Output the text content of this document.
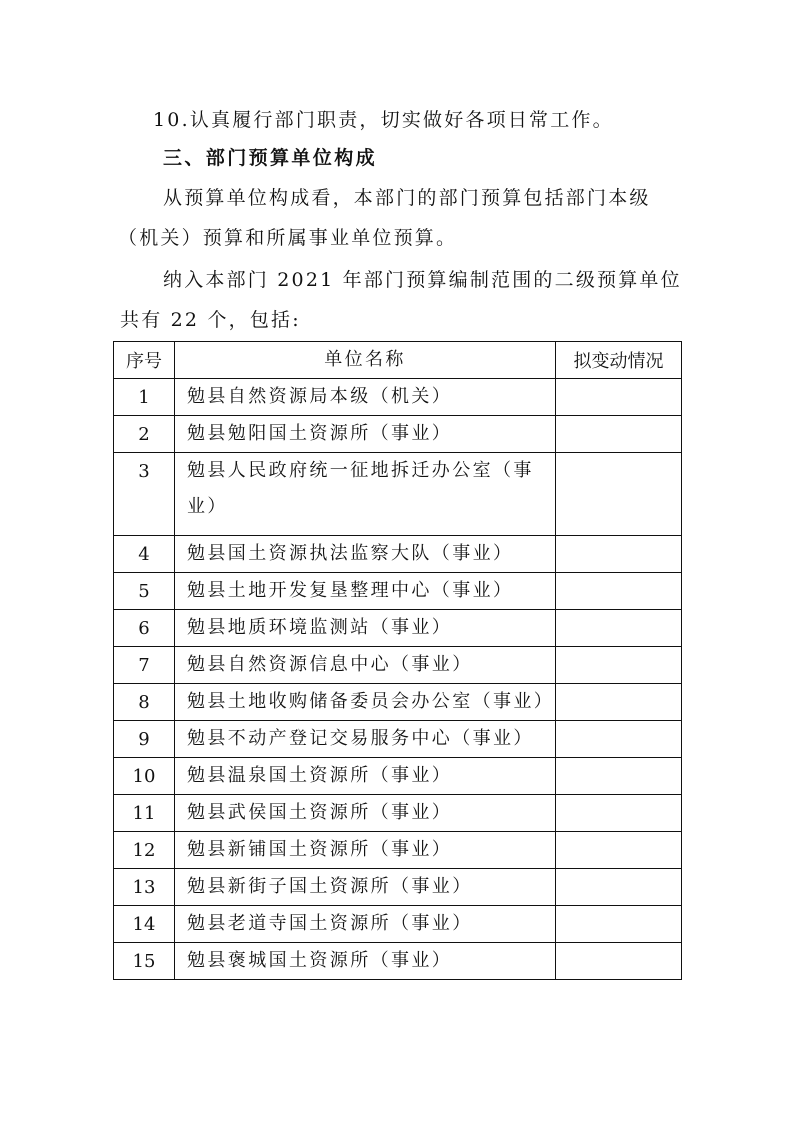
10.认真履行部门职责，切实做好各项日常工作。
三、部门预算单位构成
从预算单位构成看，本部门的部门预算包括部门本级
（机关）预算和所属事业单位预算。
纳入本部门 2021 年部门预算编制范围的二级预算单位
共有 22 个，包括:
序号	单位名称	拟变动情况
1	勉县自然资源局本级（机关）	
2	勉县勉阳国土资源所（事业）	
3	勉县人民政府统一征地拆迁办公室（事业）	
4	勉县国土资源执法监察大队（事业）	
5	勉县土地开发复垦整理中心（事业）	
6	勉县地质环境监测站（事业）	
7	勉县自然资源信息中心（事业）	
8	勉县土地收购储备委员会办公室（事业）	
9	勉县不动产登记交易服务中心（事业）	
10	勉县温泉国土资源所（事业）	
11	勉县武侯国土资源所（事业）	
12	勉县新铺国土资源所（事业）	
13	勉县新街子国土资源所（事业）	
14	勉县老道寺国土资源所（事业）	
15	勉县褒城国土资源所（事业）	
